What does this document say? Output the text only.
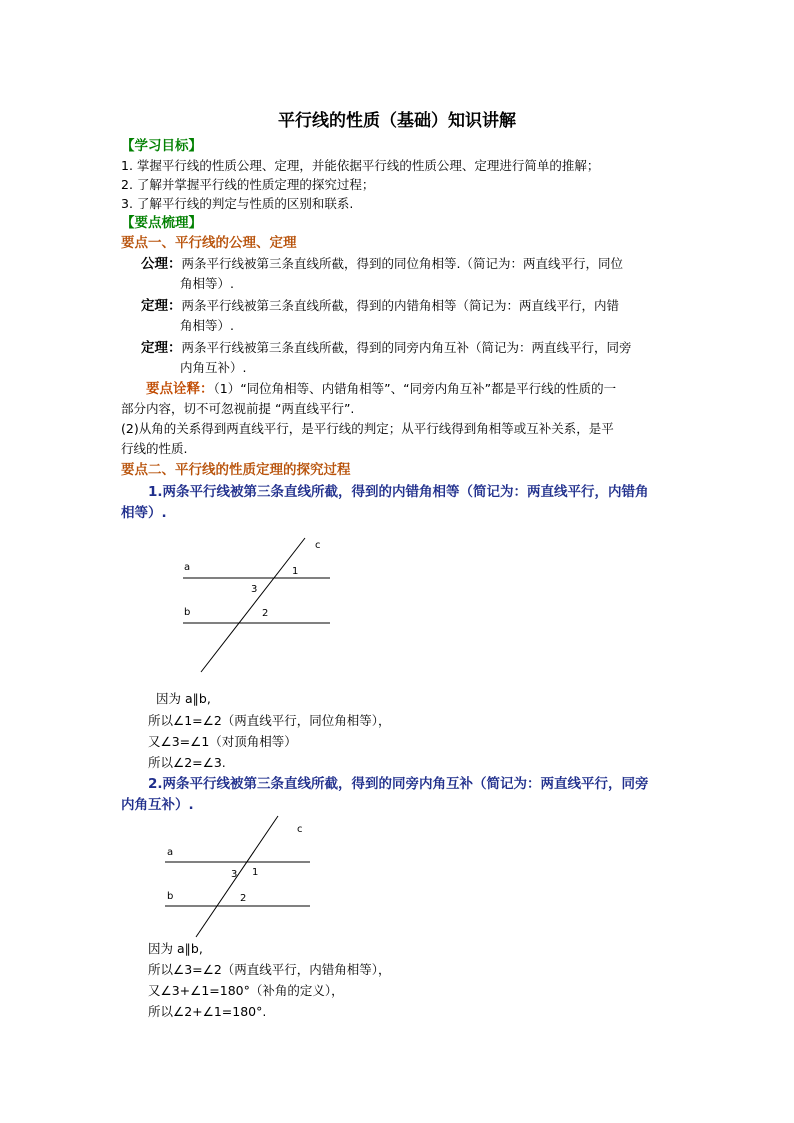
平行线的性质（基础）知识讲解
【学习目标】
1. 掌握平行线的性质公理、定理，并能依据平行线的性质公理、定理进行简单的推解；
2. 了解并掌握平行线的性质定理的探究过程；
3. 了解平行线的判定与性质的区别和联系.
【要点梳理】
要点一、平行线的公理、定理
公理：两条平行线被第三条直线所截，得到的同位角相等.（简记为：两直线平行，同位
角相等）.
定理：两条平行线被第三条直线所截，得到的内错角相等（简记为：两直线平行，内错
角相等）.
定理：两条平行线被第三条直线所截，得到的同旁内角互补（简记为：两直线平行，同旁
内角互补）.
要点诠释：（1）“同位角相等、内错角相等”、“同旁内角互补”都是平行线的性质的一
部分内容，切不可忽视前提 “两直线平行”.
(2)从角的关系得到两直线平行，是平行线的判定；从平行线得到角相等或互补关系，是平
行线的性质.
要点二、平行线的性质定理的探究过程
1.两条平行线被第三条直线所截，得到的内错角相等（简记为：两直线平行，内错角
相等）.
c
a
b
1
3
2
因为 a∥b,
所以∠1=∠2（两直线平行，同位角相等），
又∠3=∠1（对顶角相等）
所以∠2=∠3.
2.两条平行线被第三条直线所截，得到的同旁内角互补（简记为：两直线平行，同旁
内角互补）.
c
a
b
1
3
2
因为 a∥b,
所以∠3=∠2（两直线平行，内错角相等），
又∠3+∠1=180°（补角的定义），
所以∠2+∠1=180°.
